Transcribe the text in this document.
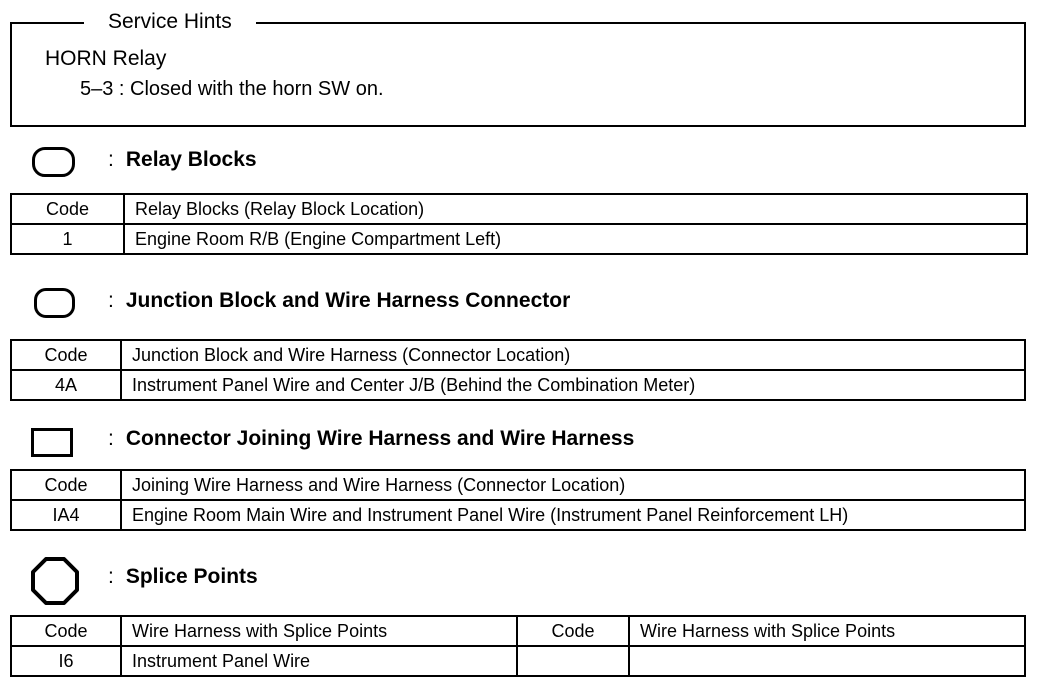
Service Hints
HORN Relay
5–3 : Closed with the horn SW on.
: Relay Blocks
Code	Relay Blocks (Relay Block Location)
1	Engine Room R/B (Engine Compartment Left)
: Junction Block and Wire Harness Connector
Code	Junction Block and Wire Harness (Connector Location)
4A	Instrument Panel Wire and Center J/B (Behind the Combination Meter)
: Connector Joining Wire Harness and Wire Harness
Code	Joining Wire Harness and Wire Harness (Connector Location)
IA4	Engine Room Main Wire and Instrument Panel Wire (Instrument Panel Reinforcement LH)
: Splice Points
Code	Wire Harness with Splice Points	Code	Wire Harness with Splice Points
I6	Instrument Panel Wire		
